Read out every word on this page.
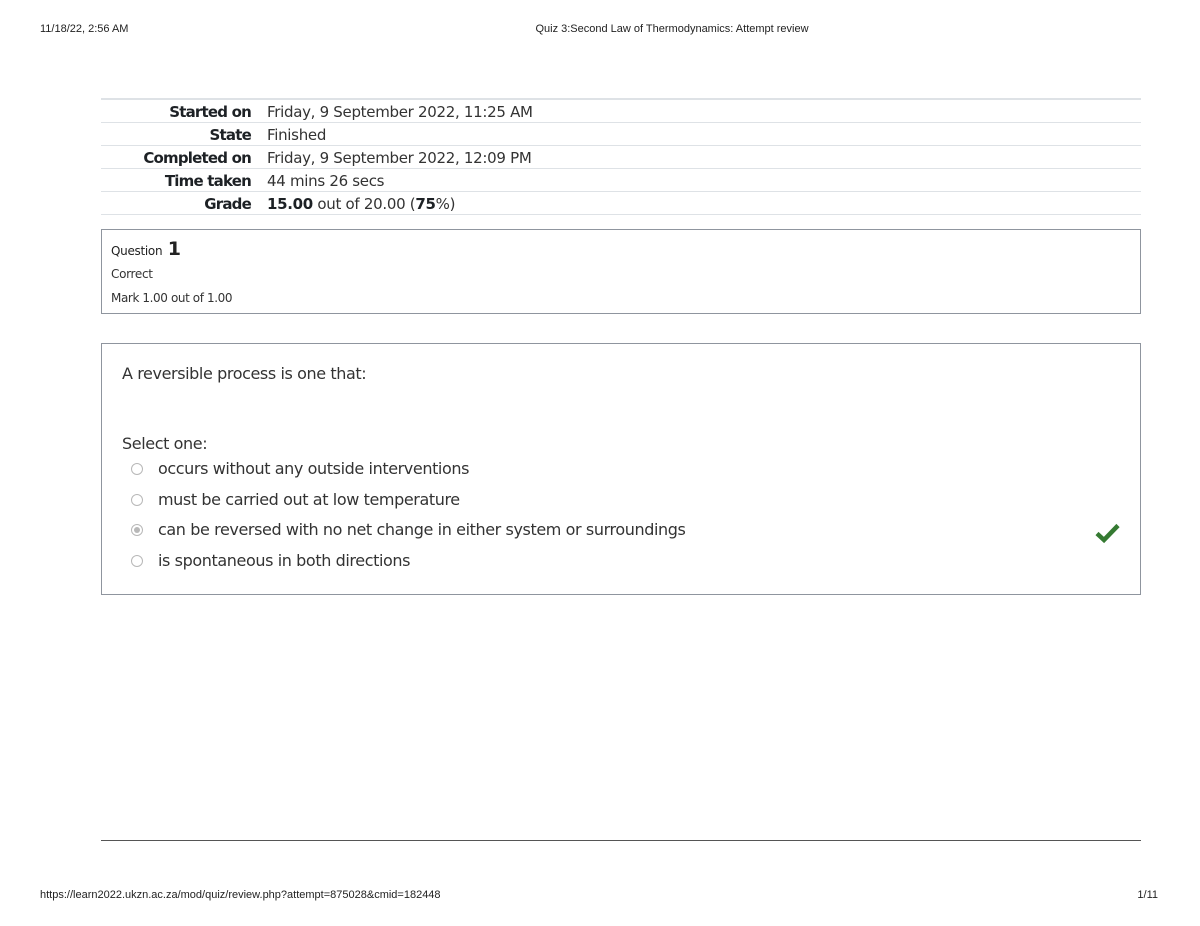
11/18/22, 2:56 AM	Quiz 3:Second Law of Thermodynamics: Attempt review
Started on	Friday, 9 September 2022, 11:25 AM
State	Finished
Completed on	Friday, 9 September 2022, 12:09 PM
Time taken	44 mins 26 secs
Grade	15.00 out of 20.00 (75%)
Question 1
Correct
Mark 1.00 out of 1.00
A reversible process is one that:
Select one:
occurs without any outside interventions
must be carried out at low temperature
can be reversed with no net change in either system or surroundings
is spontaneous in both directions
https://learn2022.ukzn.ac.za/mod/quiz/review.php?attempt=875028&cmid=182448	1/11
